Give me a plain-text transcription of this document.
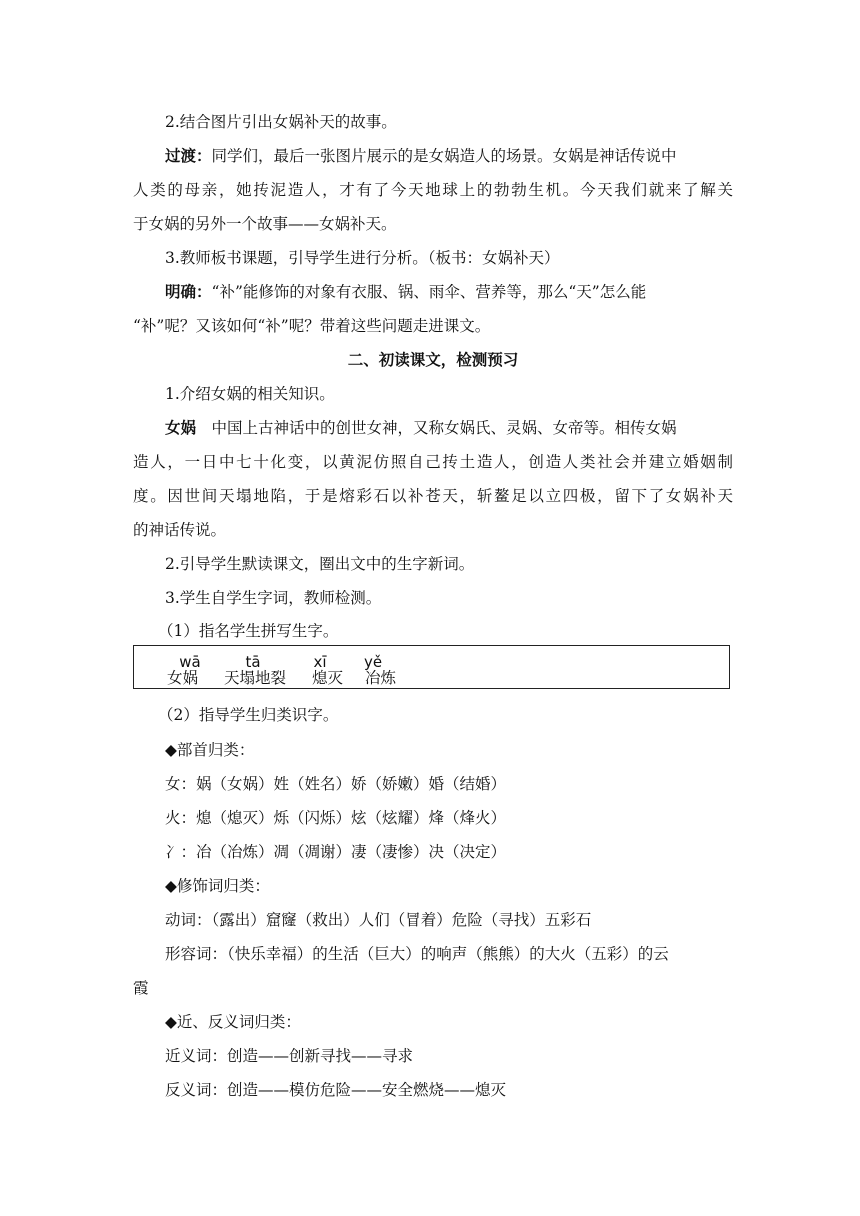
2.结合图片引出女娲补天的故事。
过渡：同学们，最后一张图片展示的是女娲造人的场景。女娲是神话传说中
人类的母亲，她抟泥造人，才有了今天地球上的勃勃生机。今天我们就来了解关
于女娲的另外一个故事——女娲补天。
3.教师板书课题，引导学生进行分析。（板书：女娲补天）
明确：“补”能修饰的对象有衣服、锅、雨伞、营养等，那么“天”怎么能
“补”呢？又该如何“补”呢？带着这些问题走进课文。
二、初读课文，检测预习
1.介绍女娲的相关知识。
女娲　中国上古神话中的创世女神，又称女娲氏、灵娲、女帝等。相传女娲
造人，一日中七十化变，以黄泥仿照自己抟土造人，创造人类社会并建立婚姻制
度。因世间天塌地陷，于是熔彩石以补苍天，斩鳌足以立四极，留下了女娲补天
的神话传说。
2.引导学生默读课文，圈出文中的生字新词。
3.学生自学生字词，教师检测。
（1）指名学生拼写生字。
wā	tā	xī	yě
女娲 天塌地裂 熄灭 冶炼
（2）指导学生归类识字。
◆部首归类：
女：娲（女娲）姓（姓名）娇（娇嫩）婚（结婚）
火：熄（熄灭）烁（闪烁）炫（炫耀）烽（烽火）
冫：冶（冶炼）凋（凋谢）凄（凄惨）决（决定）
◆修饰词归类：
动词：（露出）窟窿（救出）人们（冒着）危险（寻找）五彩石
形容词：（快乐幸福）的生活（巨大）的响声（熊熊）的大火（五彩）的云
霞
◆近、反义词归类：
近义词：创造——创新寻找——寻求
反义词：创造——模仿危险——安全燃烧——熄灭
